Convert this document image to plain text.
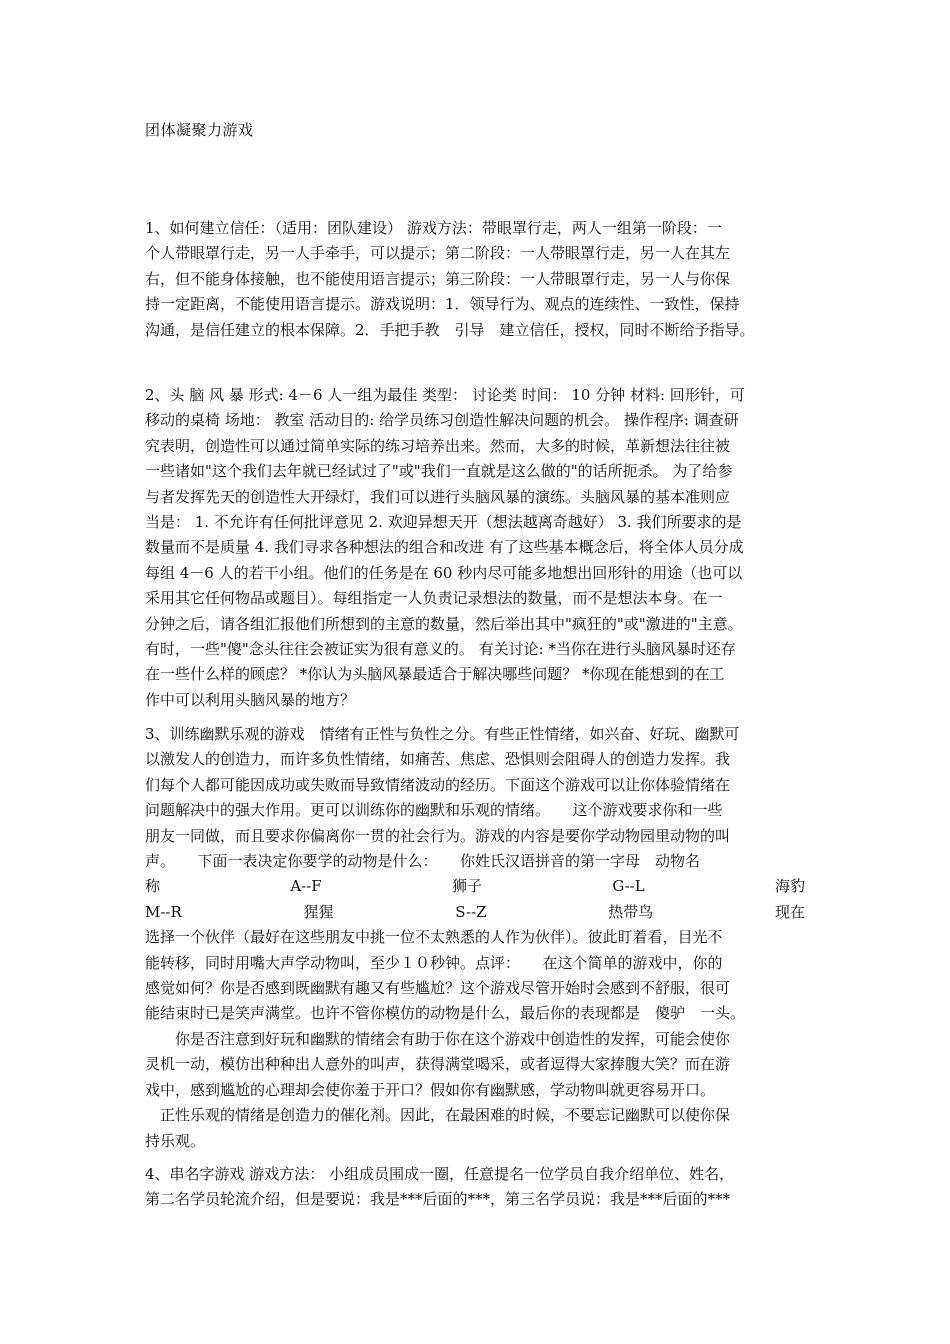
团体凝聚力游戏
1、如何建立信任：（适用：团队建设） 游戏方法：带眼罩行走，两人一组第一阶段：一
个人带眼罩行走，另一人手牵手，可以提示；第二阶段：一人带眼罩行走，另一人在其左
右，但不能身体接触，也不能使用语言提示；第三阶段：一人带眼罩行走，另一人与你保
持一定距离，不能使用语言提示。游戏说明：1．领导行为、观点的连续性、一致性，保持
沟通，是信任建立的根本保障。2．手把手教　引导　建立信任，授权，同时不断给予指导。
2、头 脑 风 暴 形式: 4－6 人一组为最佳 类型： 讨论类 时间： 10 分钟 材料: 回形针，可
移动的桌椅 场地： 教室 活动目的: 给学员练习创造性解决问题的机会。 操作程序: 调查研
究表明，创造性可以通过简单实际的练习培养出来。然而，大多的时候，革新想法往往被
一些诸如"这个我们去年就已经试过了"或"我们一直就是这么做的"的话所扼杀。 为了给参
与者发挥先天的创造性大开绿灯，我们可以进行头脑风暴的演练。头脑风暴的基本准则应
当是： 1. 不允许有任何批评意见 2. 欢迎异想天开（想法越离奇越好） 3. 我们所要求的是
数量而不是质量 4. 我们寻求各种想法的组合和改进 有了这些基本概念后，将全体人员分成
每组 4－6 人的若干小组。他们的任务是在 60 秒内尽可能多地想出回形针的用途（也可以
采用其它任何物品或题目）。每组指定一人负责记录想法的数量，而不是想法本身。在一
分钟之后，请各组汇报他们所想到的主意的数量，然后举出其中"疯狂的"或"激进的"主意。
有时，一些"傻"念头往往会被证实为很有意义的。 有关讨论: *当你在进行头脑风暴时还存
在一些什么样的顾虑？ *你认为头脑风暴最适合于解决哪些问题？ *你现在能想到的在工
作中可以利用头脑风暴的地方？
3、训练幽默乐观的游戏　情绪有正性与负性之分。有些正性情绪，如兴奋、好玩、幽默可
以激发人的创造力，而许多负性情绪，如痛苦、焦虑、恐惧则会阻碍人的创造力发挥。我
们每个人都可能因成功或失败而导致情绪波动的经历。下面这个游戏可以让你体验情绪在
问题解决中的强大作用。更可以训练你的幽默和乐观的情绪。　　这个游戏要求你和一些
朋友一同做，而且要求你偏离你一贯的社会行为。游戏的内容是要你学动物园里动物的叫
声。　　下面一表决定你要学的动物是什么：　　你姓氏汉语拼音的第一字母　动物名
称	A--F	狮子	G--L	海豹
M--R	猩猩	S--Z	热带鸟	现在
选择一个伙伴（最好在这些朋友中挑一位不太熟悉的人作为伙伴）。彼此盯着看，目光不
能转移，同时用嘴大声学动物叫，至少１０秒钟。点评：　　在这个简单的游戏中，你的
感觉如何？你是否感到既幽默有趣又有些尴尬？这个游戏尽管开始时会感到不舒服，很可
能结束时已是笑声满堂。也许不管你模仿的动物是什么，最后你的表现都是　傻驴　一头。
你是否注意到好玩和幽默的情绪会有助于你在这个游戏中创造性的发挥，可能会使你
灵机一动，模仿出种种出人意外的叫声，获得满堂喝采，或者逗得大家捧腹大笑？而在游
戏中，感到尴尬的心理却会使你羞于开口？假如你有幽默感，学动物叫就更容易开口。
正性乐观的情绪是创造力的催化剂。因此，在最困难的时候，不要忘记幽默可以使你保
持乐观。
4、串名字游戏 游戏方法： 小组成员围成一圈，任意提名一位学员自我介绍单位、姓名，
第二名学员轮流介绍，但是要说：我是***后面的***，第三名学员说：我是***后面的***
